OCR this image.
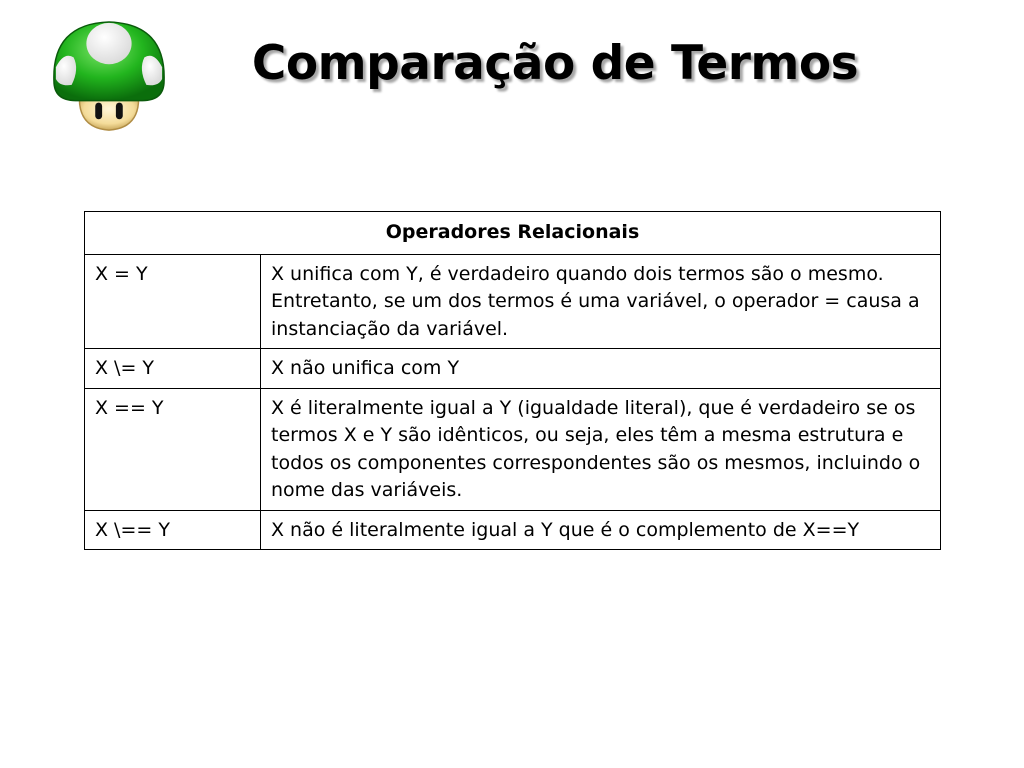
Comparação de Termos
Operadores Relacionais	
X = Y	X unifica com Y, é verdadeiro quando dois termos são o mesmo. Entretanto, se um dos termos é uma variável, o operador = causa a instanciação da variável.
X \= Y	X não unifica com Y
X == Y	X é literalmente igual a Y (igualdade literal), que é verdadeiro se os termos X e Y são idênticos, ou seja, eles têm a mesma estrutura e todos os componentes correspondentes são os mesmos, incluindo o nome das variáveis.
X \== Y	X não é literalmente igual a Y que é o complemento de X==Y
